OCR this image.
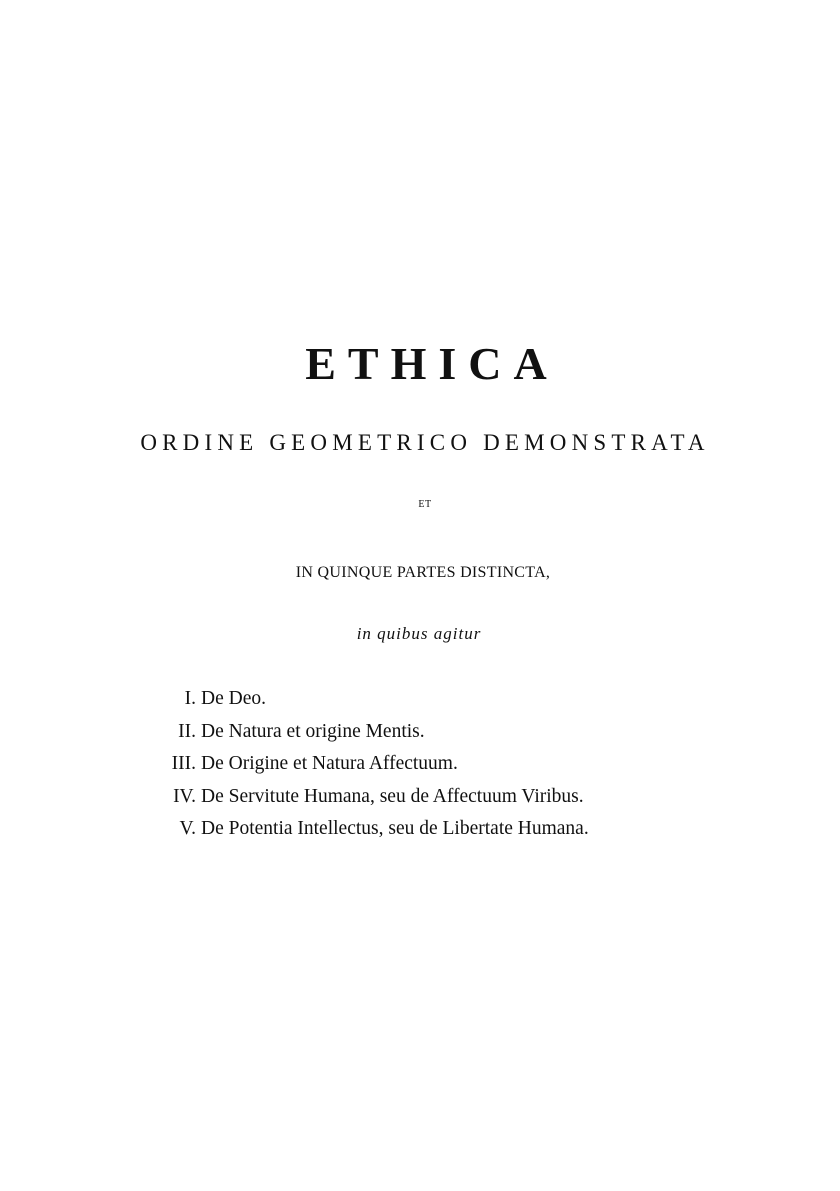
ETHICA
ORDINE GEOMETRICO DEMONSTRATA
ET
IN QUINQUE PARTES DISTINCTA,
in quibus agitur
I. De Deo.
II. De Natura et origine Mentis.
III. De Origine et Natura Affectuum.
IV. De Servitute Humana, seu de Affectuum Viribus.
V. De Potentia Intellectus, seu de Libertate Humana.
